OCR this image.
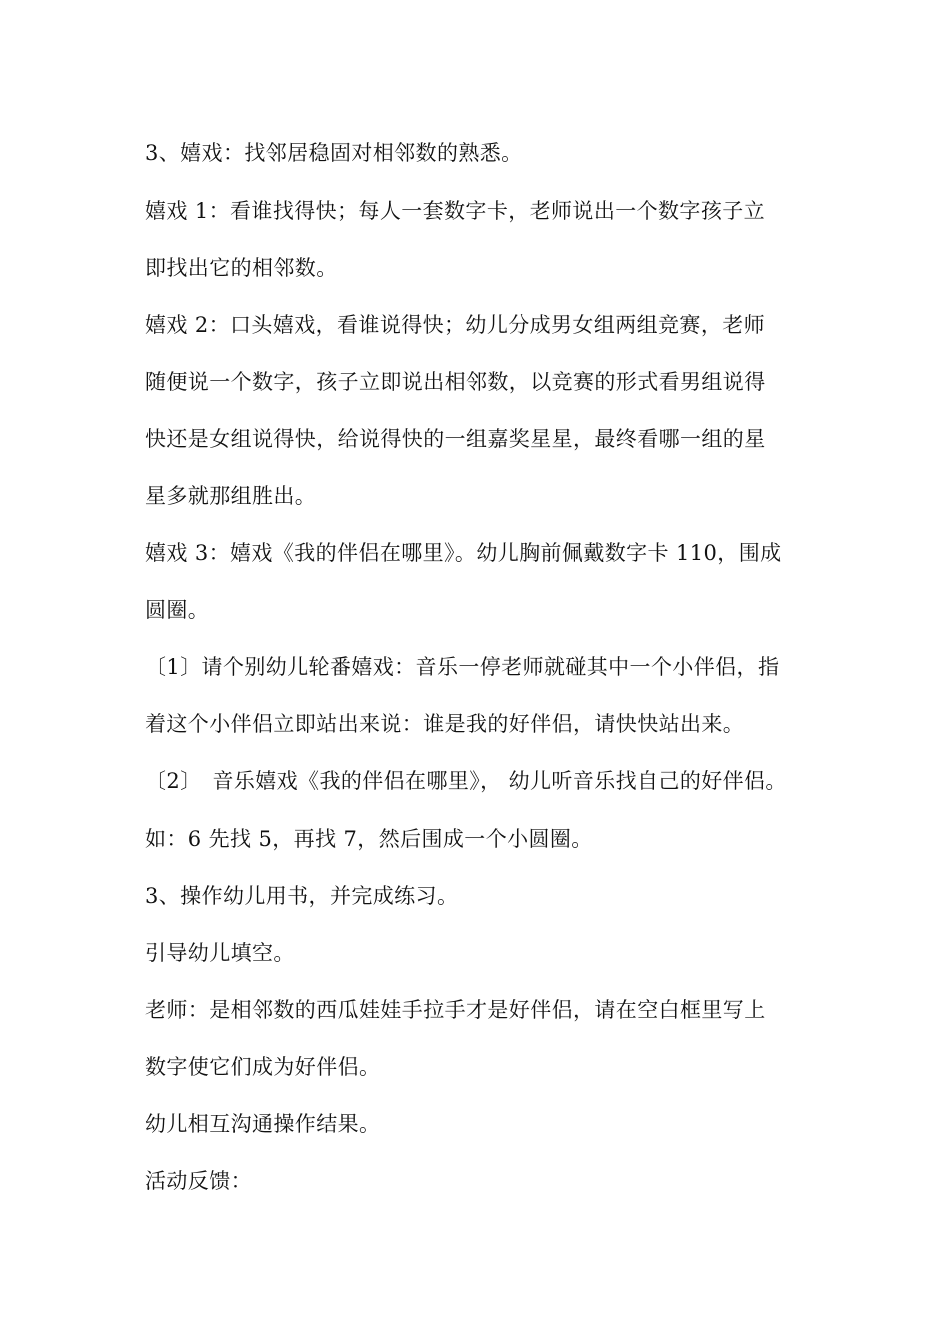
3、嬉戏：找邻居稳固对相邻数的熟悉。
嬉戏 1：看谁找得快；每人一套数字卡，老师说出一个数字孩子立
即找出它的相邻数。
嬉戏 2：口头嬉戏，看谁说得快；幼儿分成男女组两组竞赛，老师
随便说一个数字，孩子立即说出相邻数，以竞赛的形式看男组说得
快还是女组说得快，给说得快的一组嘉奖星星，最终看哪一组的星
星多就那组胜出。
嬉戏 3：嬉戏《我的伴侣在哪里》。幼儿胸前佩戴数字卡 110，围成
圆圈。
〔1〕请个别幼儿轮番嬉戏：音乐一停老师就碰其中一个小伴侣，指
着这个小伴侣立即站出来说：谁是我的好伴侣，请快快站出来。
〔2〕　音乐嬉戏《我的伴侣在哪里》， 幼儿听音乐找自己的好伴侣。
如：6 先找 5，再找 7，然后围成一个小圆圈。
3、操作幼儿用书，并完成练习。
引导幼儿填空。
老师：是相邻数的西瓜娃娃手拉手才是好伴侣，请在空白框里写上
数字使它们成为好伴侣。
幼儿相互沟通操作结果。
活动反馈：
